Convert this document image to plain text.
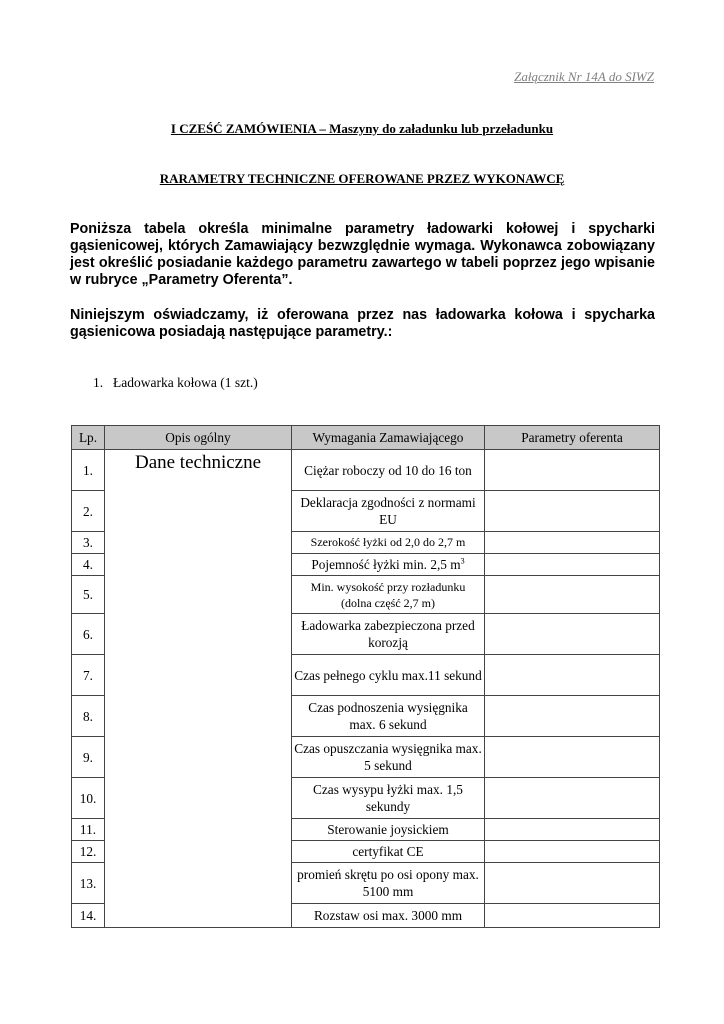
Załącznik Nr 14A do SIWZ
I CZEŚĆ ZAMÓWIENIA – Maszyny do załadunku lub przeładunku
RARAMETRY TECHNICZNE OFEROWANE PRZEZ WYKONAWCĘ
Poniższa tabela określa minimalne parametry ładowarki kołowej i spycharki gąsienicowej, których Zamawiający bezwzględnie wymaga. Wykonawca zobowiązany jest określić posiadanie każdego parametru zawartego w tabeli poprzez jego wpisanie w rubryce „Parametry Oferenta”.
Niniejszym oświadczamy, iż oferowana przez nas ładowarka kołowa i spycharka gąsienicowa posiadają następujące parametry.:
1. Ładowarka kołowa (1 szt.)
Lp.	Opis ogólny	Wymagania Zamawiającego	Parametry oferenta
1.	Dane techniczne	Ciężar roboczy od 10 do 16 ton	
2.		Deklaracja zgodności z normami EU	
3.		Szerokość łyżki od 2,0 do 2,7 m	
4.		Pojemność łyżki min. 2,5 $m^3$	
5.		Min. wysokość przy rozładunku (dolna część 2,7 m)	
6.		Ładowarka zabezpieczona przed korozją	
7.		Czas pełnego cyklu max.11 sekund	
8.		Czas podnoszenia wysięgnika max. 6 sekund	
9.		Czas opuszczania wysięgnika max. 5 sekund	
10.		Czas wysypu łyżki max. 1,5 sekundy	
11.		Sterowanie joysickiem	
12.		certyfikat CE	
13.		promień skrętu po osi opony max. 5100 mm	
14.		Rozstaw osi max. 3000 mm	
